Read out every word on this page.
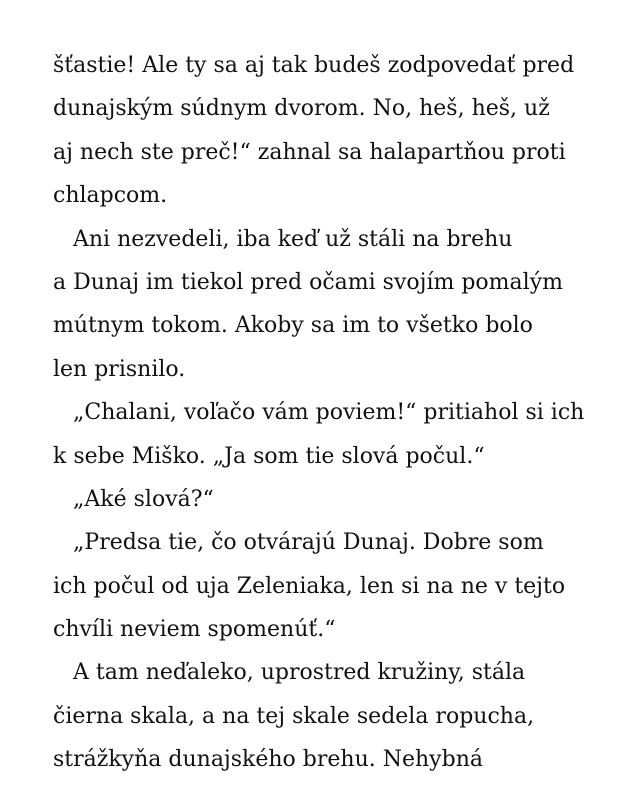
šťastie! Ale ty sa aj tak budeš zodpovedať pred
dunajským súdnym dvorom. No, heš, heš, už
aj nech ste preč!“ zahnal sa halapartňou proti
chlapcom.
Ani nezvedeli, iba keď už stáli na brehu
a Dunaj im tiekol pred očami svojím pomalým
mútnym tokom. Akoby sa im to všetko bolo
len prisnilo.
„Chalani, voľačo vám poviem!“ pritiahol si ich
k sebe Miško. „Ja som tie slová počul.“
„Aké slová?“
„Predsa tie, čo otvárajú Dunaj. Dobre som
ich počul od uja Zeleniaka, len si na ne v tejto
chvíli neviem spomenúť.“
A tam neďaleko, uprostred kružiny, stála
čierna skala, a na tej skale sedela ropucha,
strážkyňa dunajského brehu. Nehybná
